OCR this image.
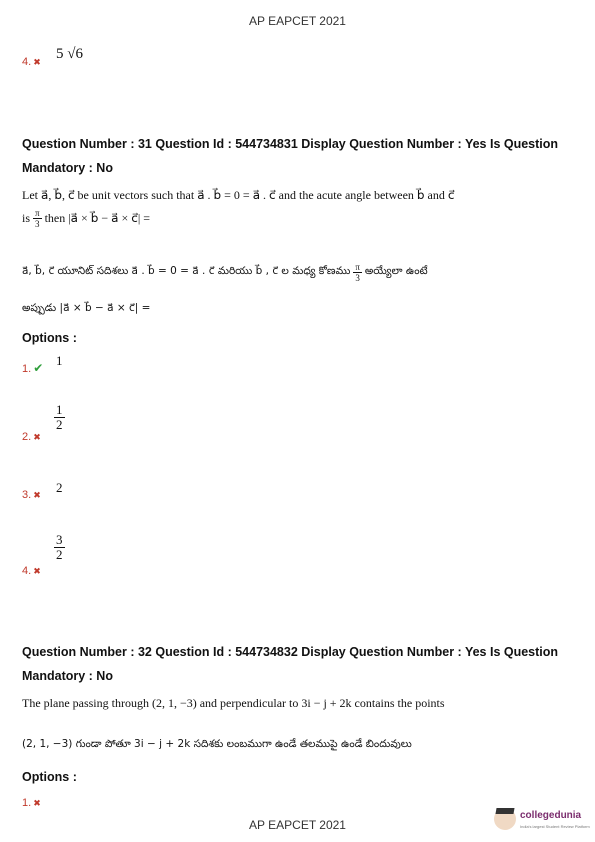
AP EAPCET 2021
4. ✖ 5 √6
Question Number : 31 Question Id : 544734831 Display Question Number : Yes Is Question
Mandatory : No
Let a⃗, b⃗, c⃗ be unit vectors such that a⃗ . b⃗ = 0 = a⃗ . c⃗ and the acute angle between b⃗ and c⃗
is $\frac{\pi}{3}$ then |a⃗ × b⃗ − a⃗ × c⃗| =
a⃗, b⃗, c⃗ యూనిట్ సదిశలు a⃗ . b⃗ = 0 = a⃗ . c⃗ మరియు b⃗ , c⃗ ల మధ్య కోణము $\frac{\pi}{3}$ అయ్యేలా ఉంటే
అప్పుడు |a⃗ × b⃗ − a⃗ × c⃗| =
Options :
1. ✔ 1
2. ✖
$\frac{1}{2}$
3. ✖ 2
4. ✖
$\frac{3}{2}$
Question Number : 32 Question Id : 544734832 Display Question Number : Yes Is Question
Mandatory : No
The plane passing through (2, 1, −3) and perpendicular to 3i − j + 2k contains the points
(2, 1, −3) గుండా పోతూ 3i − j + 2k సదిశకు లంబముగా ఉండే తలముపై ఉండే బిందువులు
Options :
1. ✖
AP EAPCET 2021
collegedunia
India's largest Student Review Platform
